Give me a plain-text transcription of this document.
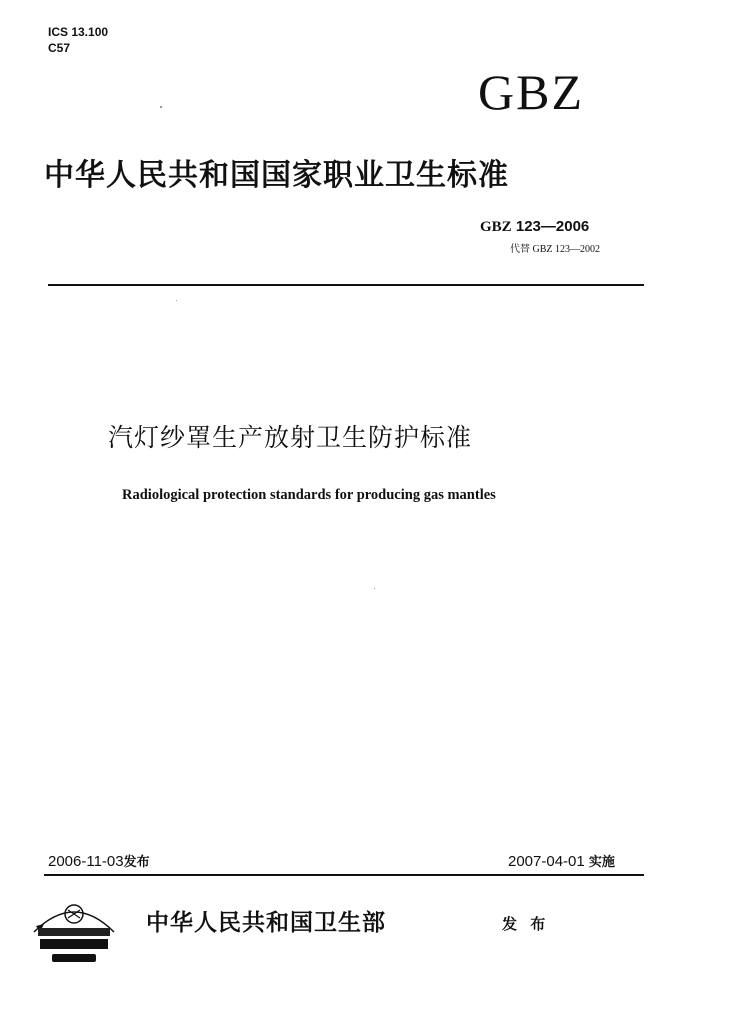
ICS 13.100
C57
GBZ
中华人民共和国国家职业卫生标准
GBZ 123—2006
代替 GBZ 123—2002
汽灯纱罩生产放射卫生防护标准
Radiological protection standards for producing gas mantles
2006-11-03发布	2007-04-01 实施
中华人民共和国卫生部	发 布
